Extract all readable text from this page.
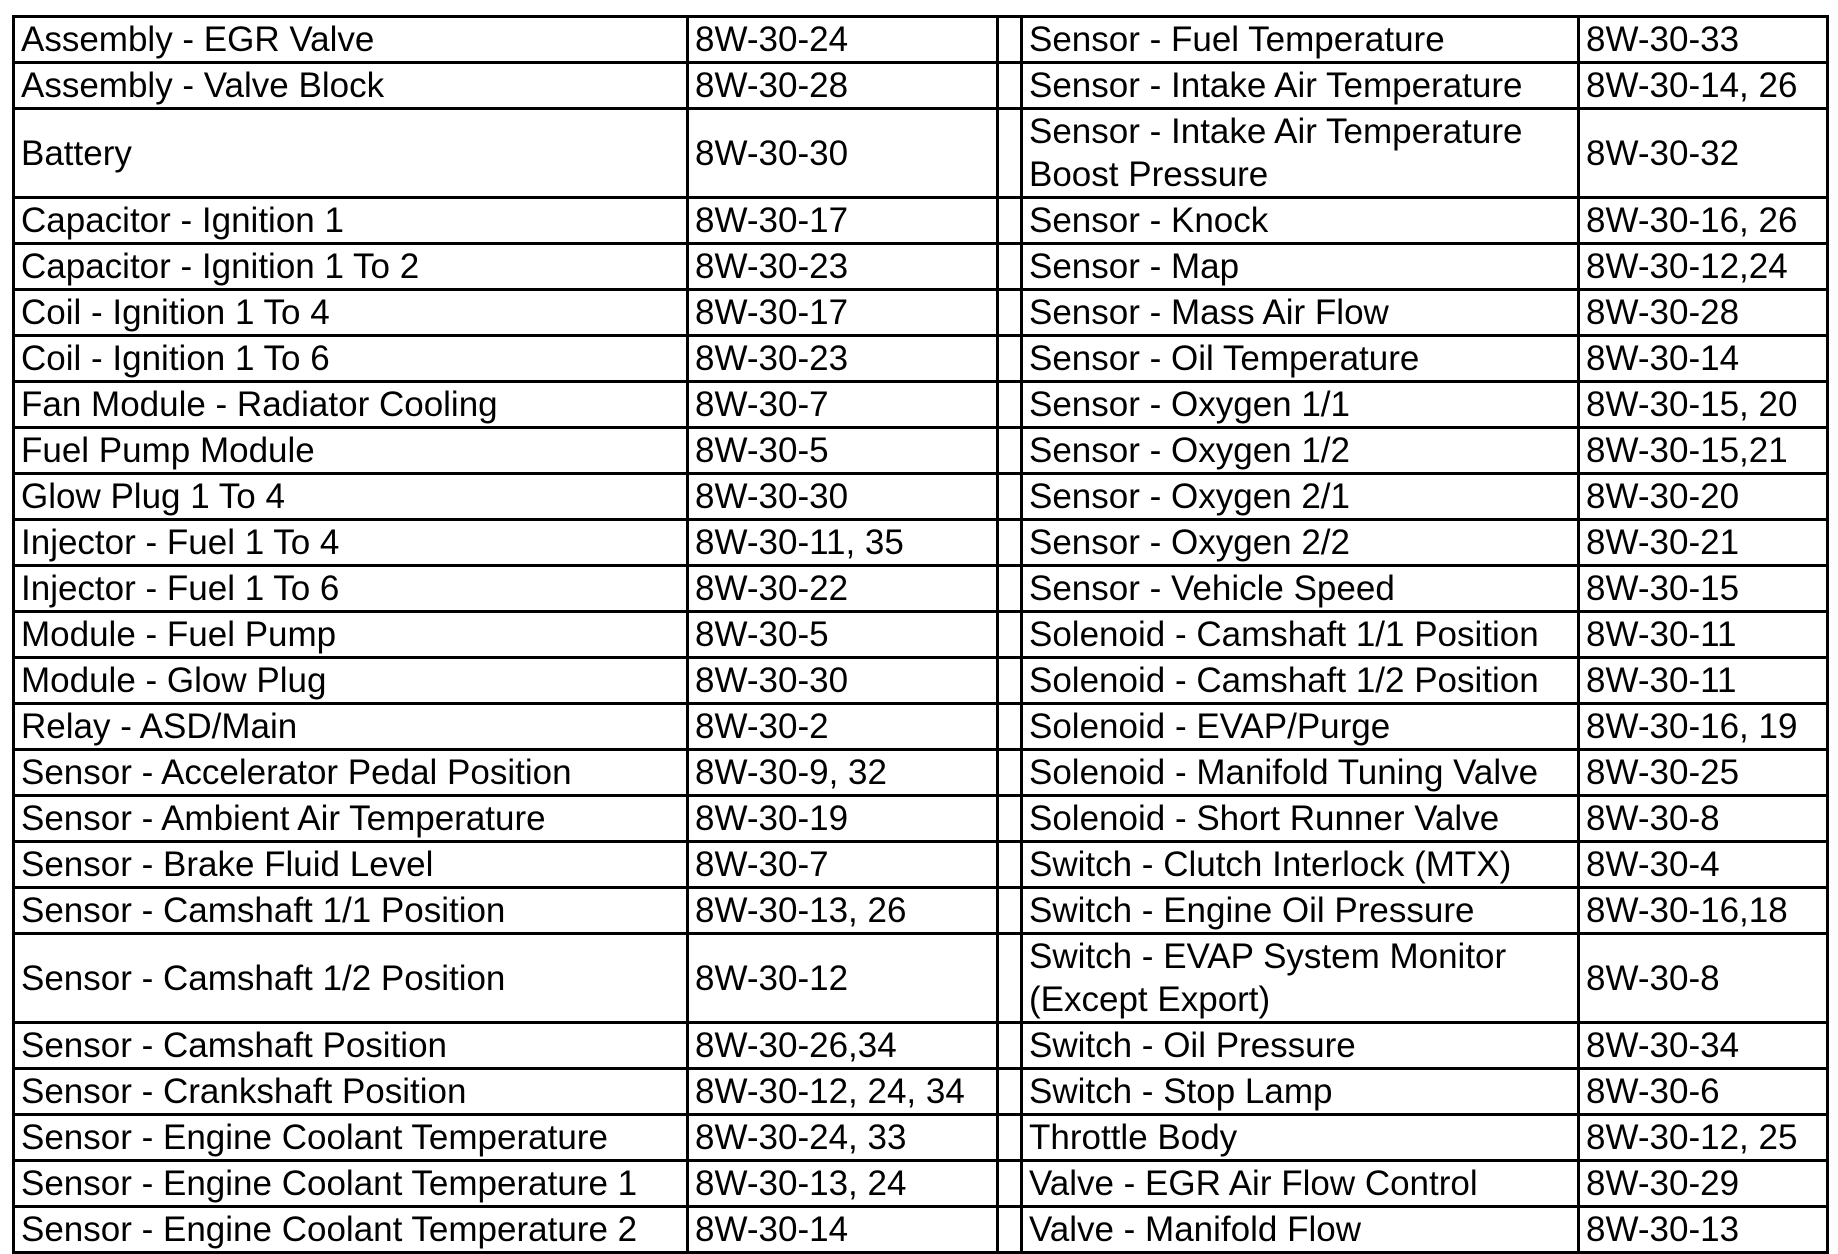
Assembly - EGR Valve	8W-30-24		Sensor - Fuel Temperature	8W-30-33
Assembly - Valve Block	8W-30-28		Sensor - Intake Air Temperature	8W-30-14, 26
Battery	8W-30-30		Sensor - Intake Air Temperature Boost Pressure	8W-30-32
Capacitor - Ignition 1	8W-30-17		Sensor - Knock	8W-30-16, 26
Capacitor - Ignition 1 To 2	8W-30-23		Sensor - Map	8W-30-12,24
Coil - Ignition 1 To 4	8W-30-17		Sensor - Mass Air Flow	8W-30-28
Coil - Ignition 1 To 6	8W-30-23		Sensor - Oil Temperature	8W-30-14
Fan Module - Radiator Cooling	8W-30-7		Sensor - Oxygen 1/1	8W-30-15, 20
Fuel Pump Module	8W-30-5		Sensor - Oxygen 1/2	8W-30-15,21
Glow Plug 1 To 4	8W-30-30		Sensor - Oxygen 2/1	8W-30-20
Injector - Fuel 1 To 4	8W-30-11, 35		Sensor - Oxygen 2/2	8W-30-21
Injector - Fuel 1 To 6	8W-30-22		Sensor - Vehicle Speed	8W-30-15
Module - Fuel Pump	8W-30-5		Solenoid - Camshaft 1/1 Position	8W-30-11
Module - Glow Plug	8W-30-30		Solenoid - Camshaft 1/2 Position	8W-30-11
Relay - ASD/Main	8W-30-2		Solenoid - EVAP/Purge	8W-30-16, 19
Sensor - Accelerator Pedal Position	8W-30-9, 32		Solenoid - Manifold Tuning Valve	8W-30-25
Sensor - Ambient Air Temperature	8W-30-19		Solenoid - Short Runner Valve	8W-30-8
Sensor - Brake Fluid Level	8W-30-7		Switch - Clutch Interlock (MTX)	8W-30-4
Sensor - Camshaft 1/1 Position	8W-30-13, 26		Switch - Engine Oil Pressure	8W-30-16,18
Sensor - Camshaft 1/2 Position	8W-30-12		Switch - EVAP System Monitor (Except Export)	8W-30-8
Sensor - Camshaft Position	8W-30-26,34		Switch - Oil Pressure	8W-30-34
Sensor - Crankshaft Position	8W-30-12, 24, 34		Switch - Stop Lamp	8W-30-6
Sensor - Engine Coolant Temperature	8W-30-24, 33		Throttle Body	8W-30-12, 25
Sensor - Engine Coolant Temperature 1	8W-30-13, 24		Valve - EGR Air Flow Control	8W-30-29
Sensor - Engine Coolant Temperature 2	8W-30-14		Valve - Manifold Flow	8W-30-13
